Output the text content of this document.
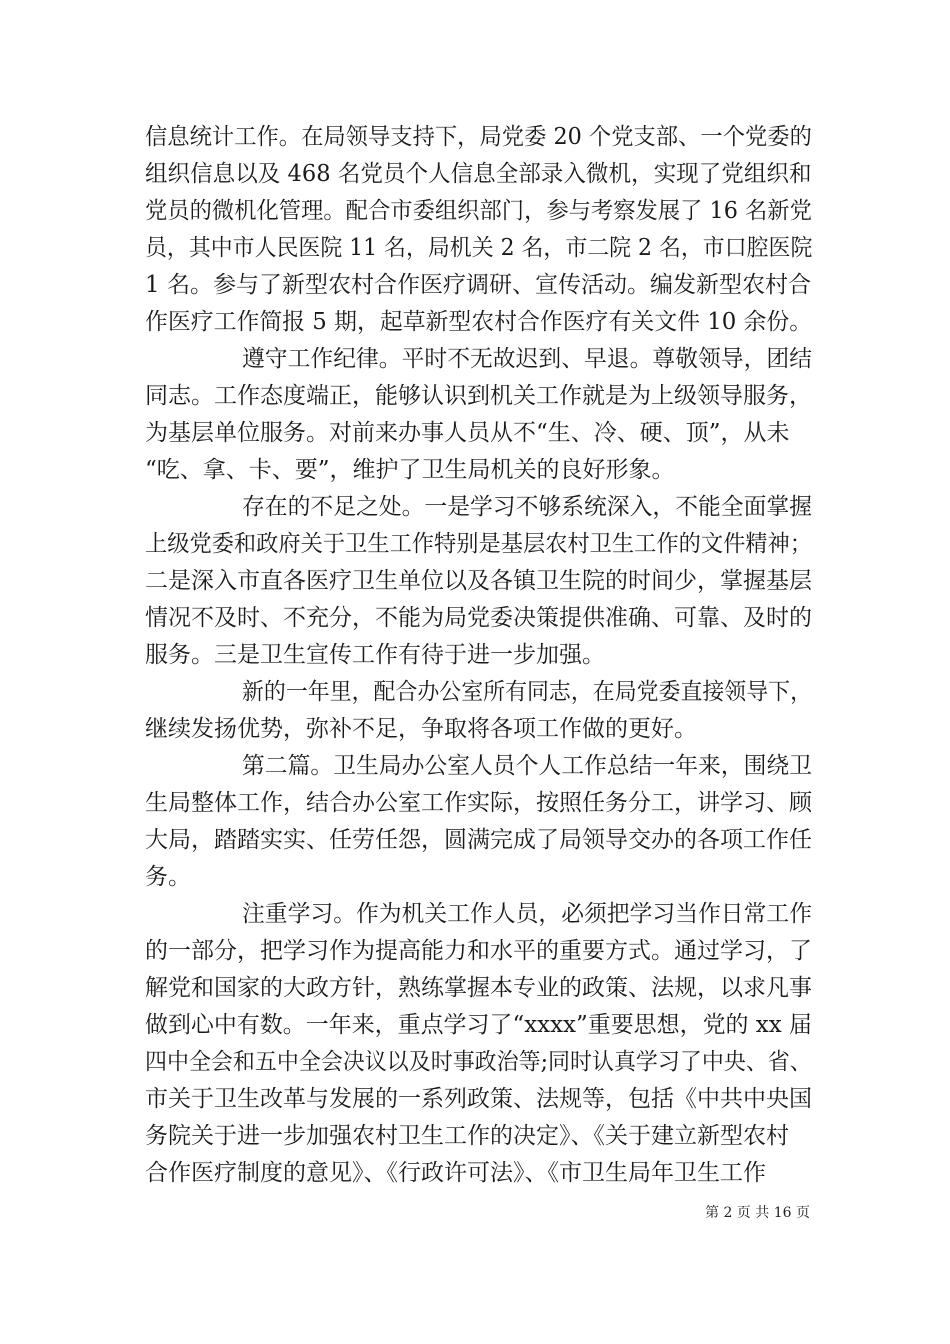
信息统计工作。在局领导支持下，局党委 20 个党支部、一个党委的
组织信息以及 468 名党员个人信息全部录入微机，实现了党组织和
党员的微机化管理。配合市委组织部门，参与考察发展了 16 名新党
员，其中市人民医院 11 名，局机关 2 名，市二院 2 名，市口腔医院
1 名。参与了新型农村合作医疗调研、宣传活动。编发新型农村合
作医疗工作简报 5 期，起草新型农村合作医疗有关文件 10 余份。
遵守工作纪律。平时不无故迟到、早退。尊敬领导，团结
同志。工作态度端正，能够认识到机关工作就是为上级领导服务，
为基层单位服务。对前来办事人员从不“生、冷、硬、顶”，从未
“吃、拿、卡、要”，维护了卫生局机关的良好形象。
存在的不足之处。一是学习不够系统深入，不能全面掌握
上级党委和政府关于卫生工作特别是基层农村卫生工作的文件精神；
二是深入市直各医疗卫生单位以及各镇卫生院的时间少，掌握基层
情况不及时、不充分，不能为局党委决策提供准确、可靠、及时的
服务。三是卫生宣传工作有待于进一步加强。
新的一年里，配合办公室所有同志，在局党委直接领导下，
继续发扬优势，弥补不足，争取将各项工作做的更好。
第二篇。卫生局办公室人员个人工作总结一年来，围绕卫
生局整体工作，结合办公室工作实际，按照任务分工，讲学习、顾
大局，踏踏实实、任劳任怨，圆满完成了局领导交办的各项工作任
务。
注重学习。作为机关工作人员，必须把学习当作日常工作
的一部分，把学习作为提高能力和水平的重要方式。通过学习，了
解党和国家的大政方针，熟练掌握本专业的政策、法规，以求凡事
做到心中有数。一年来，重点学习了“xxxx”重要思想，党的 xx 届
四中全会和五中全会决议以及时事政治等;同时认真学习了中央、省、
市关于卫生改革与发展的一系列政策、法规等，包括《中共中央国
务院关于进一步加强农村卫生工作的决定》、《关于建立新型农村
合作医疗制度的意见》、《行政许可法》、《市卫生局年卫生工作
第 2 页 共 16 页
